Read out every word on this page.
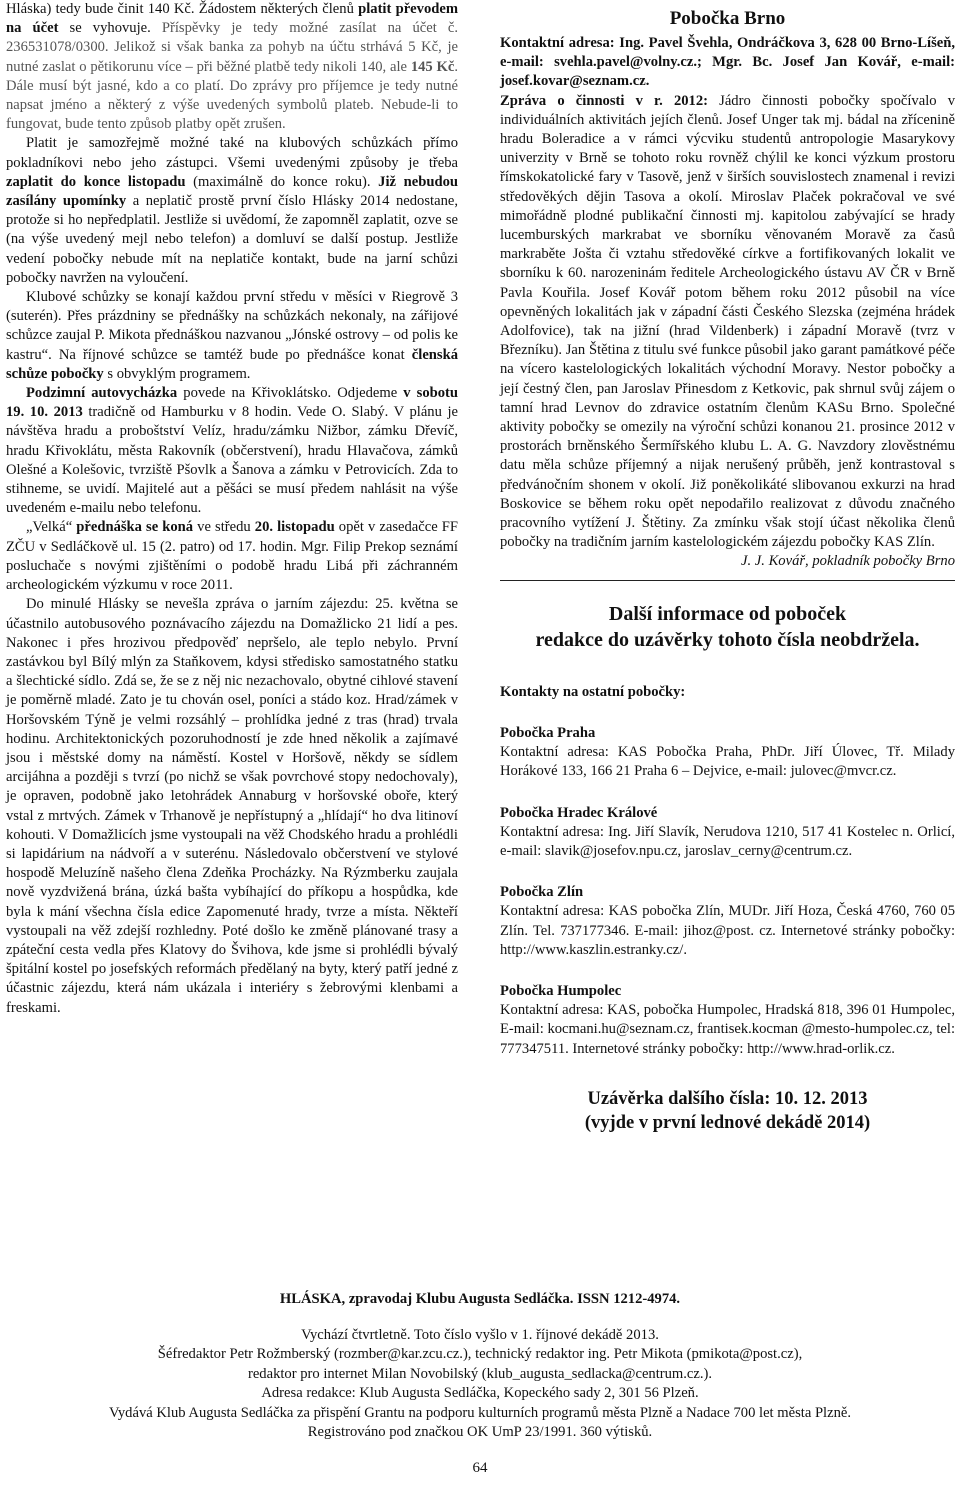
Hláska) tedy bude činit 140 Kč. Žádostem některých členů platit převodem na účet se vyhovuje. Příspěvky je tedy možné zasílat na účet č. 236531078/0300. Jelikož si však banka za pohyb na účtu strhává 5 Kč, je nutné zaslat o pětikorunu více – při běžné platbě tedy nikoli 140, ale 145 Kč. Dále musí být jasné, kdo a co platí. Do zprávy pro příjemce je tedy nutné napsat jméno a některý z výše uvedených symbolů plateb. Nebude-li to fungovat, bude tento způsob platby opět zrušen.

Platit je samozřejmě možné také na klubových schůzkách přímo pokladníkovi nebo jeho zástupci. Všemi uvedenými způsoby je třeba zaplatit do konce listopadu (maximálně do konce roku). Již nebudou zasílány upomínky a neplatič prostě první číslo Hlásky 2014 nedostane, protože si ho nepředplatil. Jestliže si uvědomí, že zapomněl zaplatit, ozve se (na výše uvedený mejl nebo telefon) a domluví se další postup. Jestliže vedení pobočky nebude mít na neplatiče kontakt, bude na jarní schůzi pobočky navržen na vyloučení.

Klubové schůzky se konají každou první středu v měsíci v Riegrově 3 (suterén). Přes prázdniny se přednášky na schůzkách nekonaly, na zářijové schůzce zaujal P. Mikota přednáškou nazvanou „Jónské ostrovy – od polis ke kastru“. Na říjnové schůzce se tamtéž bude po přednášce konat členská schůze pobočky s obvyklým programem.

Podzimní autovycházka povede na Křivoklátsko. Odjedeme v sobotu 19. 10. 2013 tradičně od Hamburku v 8 hodin. Vede O. Slabý. V plánu je návštěva hradu a proboštství Velíz, hradu/zámku Nižbor, zámku Dřevíč, hradu Křivoklátu, města Rakovník (občerstvení), hradu Hlavačova, zámků Olešné a Kolešovic, tvrziště Pšovlk a Šanova a zámku v Petrovicích. Zda to stihneme, se uvidí. Majitelé aut a pěšáci se musí předem nahlásit na výše uvedeném e-mailu nebo telefonu.

„Velká“ přednáška se koná ve středu 20. listopadu opět v zasedačce FF ZČU v Sedláčkově ul. 15 (2. patro) od 17. hodin. Mgr. Filip Prekop seznámí posluchače s novými zjištěními o podobě hradu Libá při záchranném archeologickém výzkumu v roce 2011.

Do minulé Hlásky se nevešla zpráva o jarním zájezdu: 25. května se účastnilo autobusového poznávacího zájezdu na Domažlicko 21 lidí a pes. Nakonec i přes hrozivou předpověď nepršelo, ale teplo nebylo. První zastávkou byl Bílý mlýn za Staňkovem, kdysi středisko samostatného statku a šlechtické sídlo. Zdá se, že se z něj nic nezachovalo, obytné cihlové stavení je poměrně mladé. Zato je tu chován osel, poníci a stádo koz. Hrad/zámek v Horšovském Týně je velmi rozsáhlý – prohlídka jedné z tras (hrad) trvala hodinu. Architektonických pozoruhodností je zde hned několik a zajímavé jsou i městské domy na náměstí. Kostel v Horšově, někdy se sídlem arcijáhna a později s tvrzí (po nichž se však povrchové stopy nedochovaly), je opraven, podobně jako letohrádek Annaburg v horšovské oboře, který vstal z mrtvých. Zámek v Trhanově je nepřístupný a „hlídají“ ho dva litinoví kohouti. V Domažlicích jsme vystoupali na věž Chodského hradu a prohlédli si lapidárium na nádvoří a v suterénu. Následovalo občerstvení ve stylové hospodě Meluzíně našeho člena Zdeňka Procházky. Na Rýzmberku zaujala nově vyzdvižená brána, úzká bašta vybíhající do příkopu a hospůdka, kde byla k mání všechna čísla edice Zapomenuté hrady, tvrze a místa. Někteří vystoupali na věž zdejší rozhledny. Poté došlo ke změně plánované trasy a zpáteční cesta vedla přes Klatovy do Švihova, kde jsme si prohlédli bývalý špitální kostel po josefských reformách předělaný na byty, který patří jedné z účastnic zájezdu, která nám ukázala i interiéry s žebrovými klenbami a freskami.

Pobočka Brno

Kontaktní adresa: Ing. Pavel Švehla, Ondráčkova 3, 628 00 Brno-Líšeň, e-mail: svehla.pavel@volny.cz.; Mgr. Bc. Josef Jan Kovář, e-mail: josef.kovar@seznam.cz.

Zpráva o činnosti v r. 2012: Jádro činnosti pobočky spočívalo v individuálních aktivitách jejích členů. Josef Unger tak mj. bádal na zřícenině hradu Boleradice a v rámci výcviku studentů antropologie Masarykovy univerzity v Brně se tohoto roku rovněž chýlil ke konci výzkum prostoru římskokatolické fary v Tasově, jenž v širších souvislostech znamenal i revizi středověkých dějin Tasova a okolí. Miroslav Plaček pokračoval ve své mimořádně plodné publikační činnosti mj. kapitolou zabývající se hrady lucemburských markrabat ve sborníku věnovaném Moravě za časů markraběte Jošta či vztahu středověké církve a fortifikovaných lokalit ve sborníku k 60. narozeninám ředitele Archeologického ústavu AV ČR v Brně Pavla Kouřila. Josef Kovář potom během roku 2012 působil na více opevněných lokalitách jak v západní části Českého Slezska (zejména hrádek Adolfovice), tak na jižní (hrad Vildenberk) i západní Moravě (tvrz v Březníku). Jan Štětina z titulu své funkce působil jako garant památkové péče na vícero kastelologických lokalitách východní Moravy. Nestor pobočky a její čestný člen, pan Jaroslav Přinesdom z Ketkovic, pak shrnul svůj zájem o tamní hrad Levnov do zdravice ostatním členům KASu Brno. Společné aktivity pobočky se omezily na výroční schůzi konanou 21. prosince 2012 v prostorách brněnského Šermířského klubu L. A. G. Navzdory zlověstnému datu měla schůze příjemný a nijak nerušený průběh, jenž kontrastoval s předvánočním shonem v okolí. Již poněkolikáté slibovanou exkurzi na hrad Boskovice se během roku opět nepodařilo realizovat z důvodu značného pracovního vytížení J. Štětiny. Za zmínku však stojí účast několika členů pobočky na tradičním jarním kastelologickém zájezdu pobočky KAS Zlín.

J. J. Kovář, pokladník pobočky Brno

Další informace od poboček
redakce do uzávěrky tohoto čísla neobdržela.
Kontakty na ostatní pobočky:
Pobočka Praha

Kontaktní adresa: KAS Pobočka Praha, PhDr. Jiří Úlovec, Tř. Milady Horákové 133, 166 21 Praha 6 – Dejvice, e-mail: julovec@mvcr.cz.

Pobočka Hradec Králové

Kontaktní adresa: Ing. Jiří Slavík, Nerudova 1210, 517 41 Kostelec n. Orlicí, e-mail: slavik@josefov.npu.cz, jaroslav_cerny@centrum.cz.

Pobočka Zlín

Kontaktní adresa: KAS pobočka Zlín, MUDr. Jiří Hoza, Česká 4760, 760 05 Zlín. Tel. 737177346. E-mail: jihoz@post. cz. Internetové stránky pobočky: http://www.kaszlin.estranky.cz/.

Pobočka Humpolec

Kontaktní adresa: KAS, pobočka Humpolec, Hradská 818, 396 01 Humpolec, E-mail: kocmani.hu@seznam.cz, frantisek.kocman @mesto-humpolec.cz, tel: 777347511. Internetové stránky pobočky: http://www.hrad-orlik.cz.

Uzávěrka dalšího čísla: 10. 12. 2013
(vyjde v první lednové dekádě 2014)
HLÁSKA, zpravodaj Klubu Augusta Sedláčka. ISSN 1212-4974.
Vychází čtvrtletně. Toto číslo vyšlo v 1. říjnové dekádě 2013.
Šéfredaktor Petr Rožmberský (rozmber@kar.zcu.cz.), technický redaktor ing. Petr Mikota (pmikota@post.cz),
redaktor pro internet Milan Novobilský (klub_augusta_sedlacka@centrum.cz.).
Adresa redakce: Klub Augusta Sedláčka, Kopeckého sady 2, 301 56 Plzeň.
Vydává Klub Augusta Sedláčka za přispění Grantu na podporu kulturních programů města Plzně a Nadace 700 let města Plzně.
Registrováno pod značkou OK UmP 23/1991. 360 výtisků.
64
